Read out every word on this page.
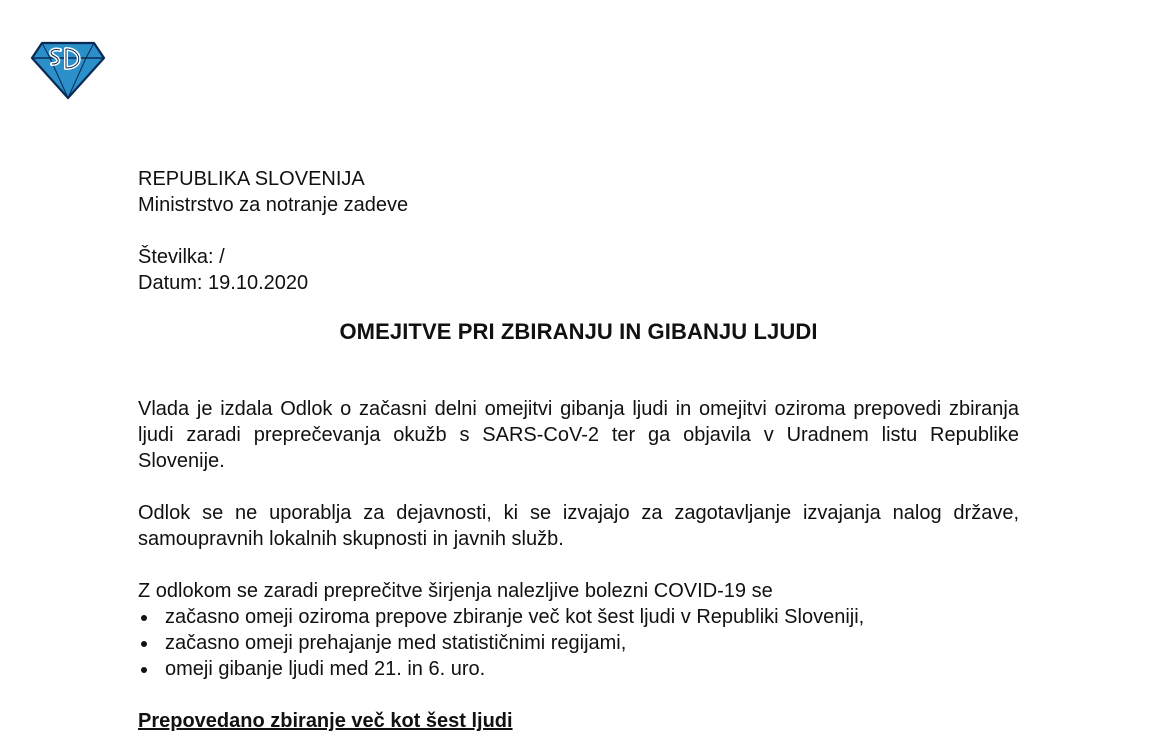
REPUBLIKA SLOVENIJA
Ministrstvo za notranje zadeve
Številka: /
Datum: 19.10.2020
OMEJITVE PRI ZBIRANJU IN GIBANJU LJUDI

Vlada je izdala Odlok o začasni delni omejitvi gibanja ljudi in omejitvi oziroma prepovedi zbiranja ljudi zaradi preprečevanja okužb s SARS-CoV-2 ter ga objavila v Uradnem listu Republike Slovenije.

Odlok se ne uporablja za dejavnosti, ki se izvajajo za zagotavljanje izvajanja nalog države, samoupravnih lokalnih skupnosti in javnih služb.

Z odlokom se zaradi preprečitve širjenja nalezljive bolezni COVID-19 se

začasno omeji oziroma prepove zbiranje več kot šest ljudi v Republiki Sloveniji,
začasno omeji prehajanje med statističnimi regijami,
omeji gibanje ljudi med 21. in 6. uro.
Prepovedano zbiranje več kot šest ljudi
